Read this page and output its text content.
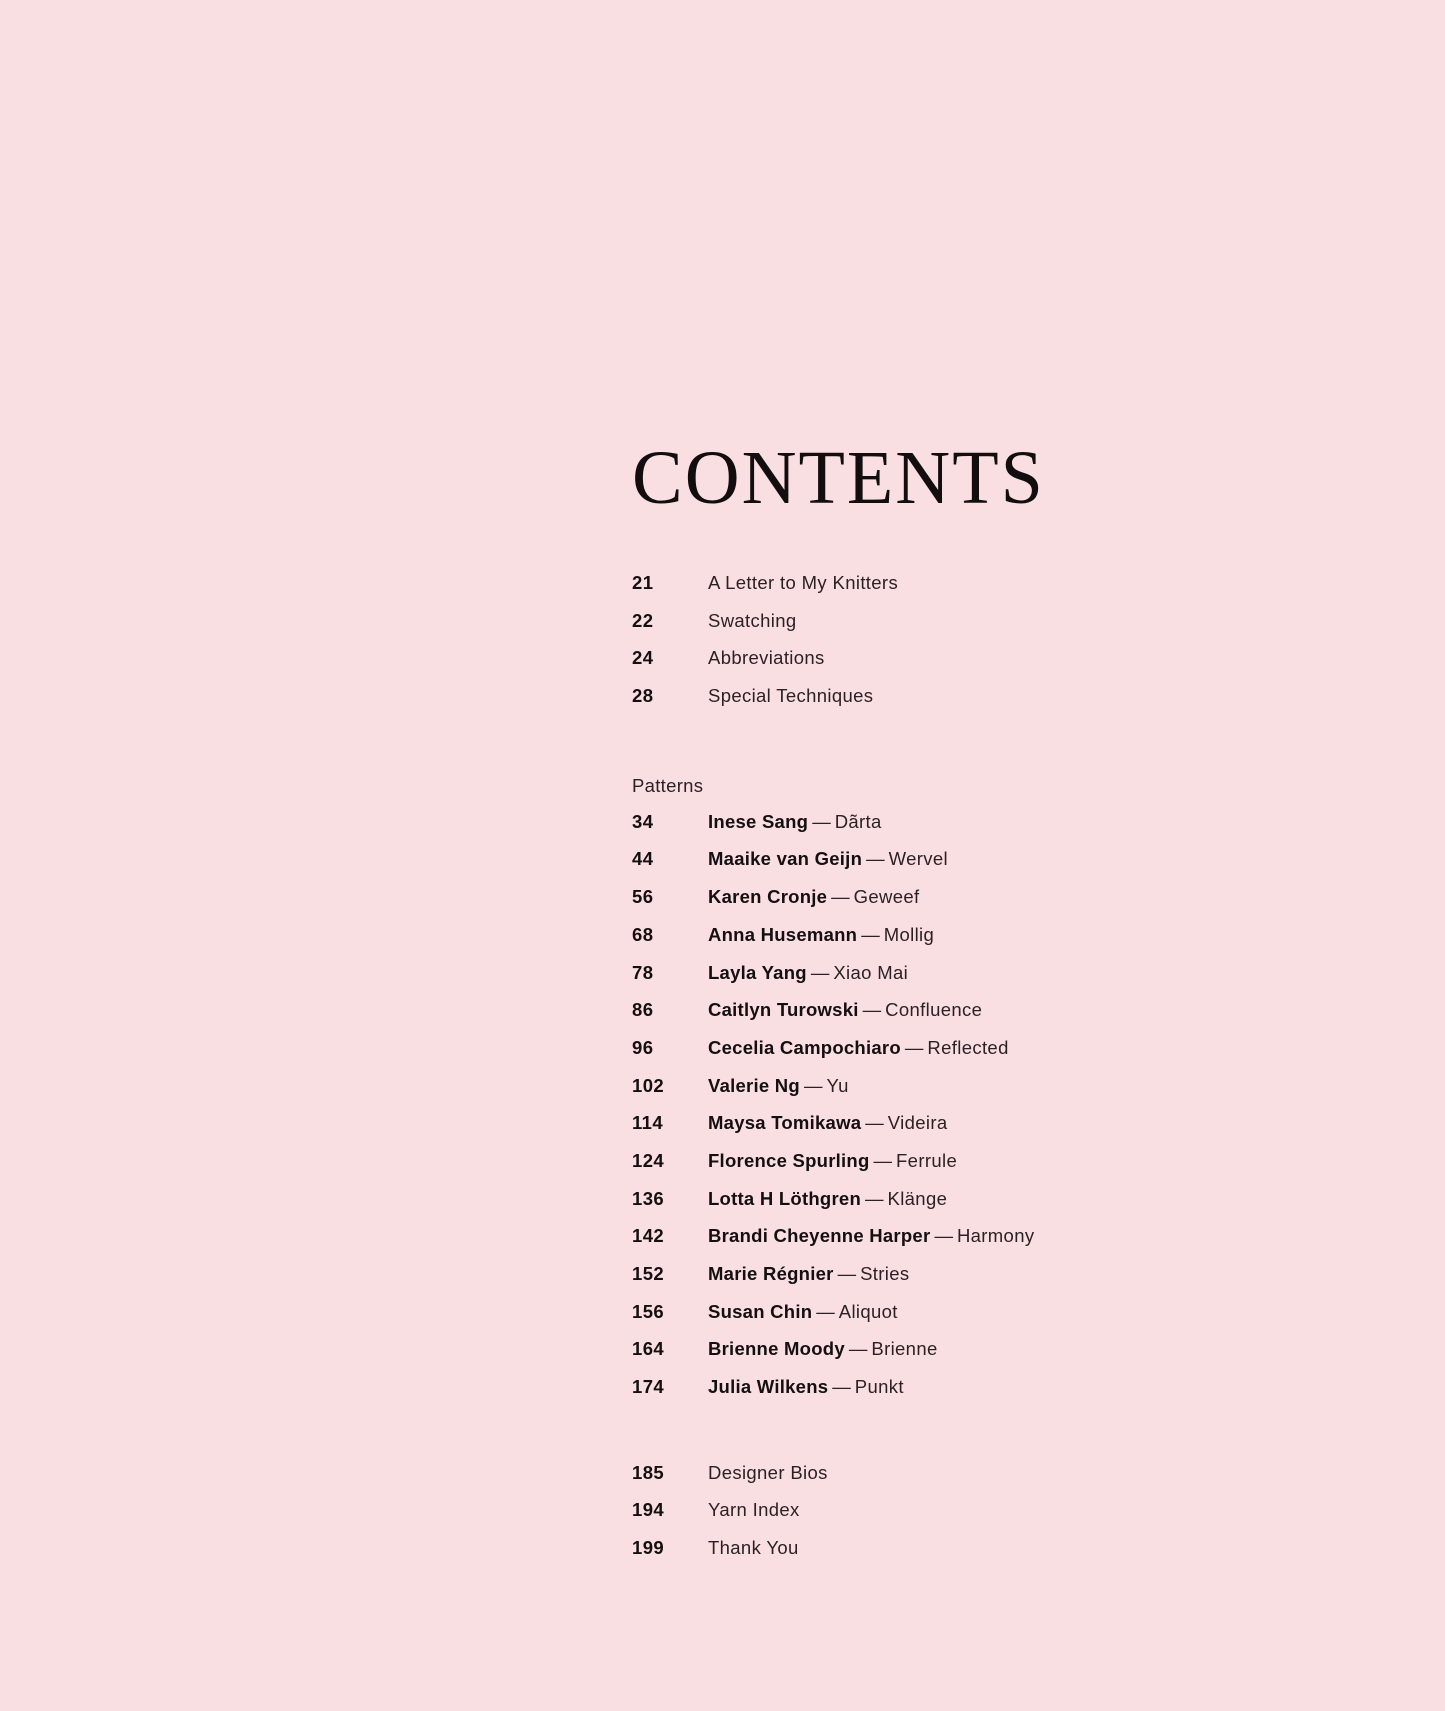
CONTENTS
21	A Letter to My Knitters
22	Swatching
24	Abbreviations
28	Special Techniques
Patterns
34	Inese Sang — Dãrta
44	Maaike van Geijn — Wervel
56	Karen Cronje — Geweef
68	Anna Husemann — Mollig
78	Layla Yang — Xiao Mai
86	Caitlyn Turowski — Confluence
96	Cecelia Campochiaro — Reflected
102	Valerie Ng — Yu
114	Maysa Tomikawa — Videira
124	Florence Spurling — Ferrule
136	Lotta H Löthgren — Klänge
142	Brandi Cheyenne Harper — Harmony
152	Marie Régnier — Stries
156	Susan Chin — Aliquot
164	Brienne Moody — Brienne
174	Julia Wilkens — Punkt
185	Designer Bios
194	Yarn Index
199	Thank You
